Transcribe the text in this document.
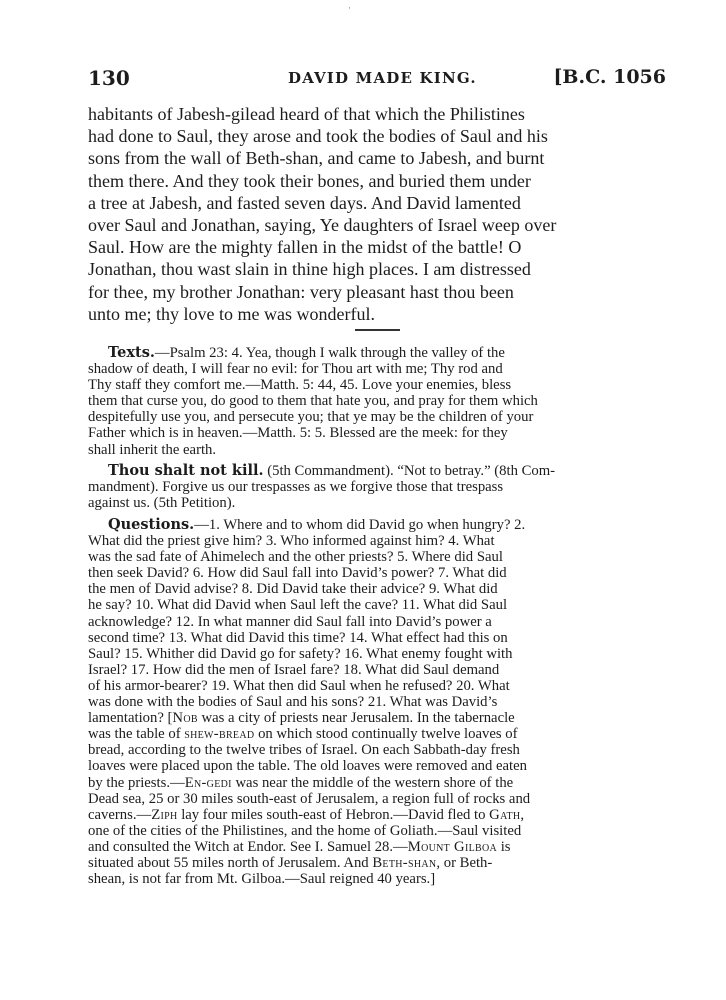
·
130	DAVID MADE KING.	[B.C. 1056
habitants of Jabesh-gilead heard of that which the Philistines
had done to Saul, they arose and took the bodies of Saul and his
sons from the wall of Beth-shan, and came to Jabesh, and burnt
them there. And they took their bones, and buried them under
a tree at Jabesh, and fasted seven days. And David lamented
over Saul and Jonathan, saying, Ye daughters of Israel weep over
Saul. How are the mighty fallen in the midst of the battle! O
Jonathan, thou wast slain in thine high places. I am distressed
for thee, my brother Jonathan: very pleasant hast thou been
unto me; thy love to me was wonderful.
Texts.—Psalm 23: 4. Yea, though I walk through the valley of the
shadow of death, I will fear no evil: for Thou art with me; Thy rod and
Thy staff they comfort me.—Matth. 5: 44, 45. Love your enemies, bless
them that curse you, do good to them that hate you, and pray for them which
despitefully use you, and persecute you; that ye may be the children of your
Father which is in heaven.—Matth. 5: 5. Blessed are the meek: for they
shall inherit the earth.
Thou shalt not kill. (5th Commandment). “Not to betray.” (8th Com-
mandment). Forgive us our trespasses as we forgive those that trespass
against us. (5th Petition).
Questions.—1. Where and to whom did David go when hungry? 2.
What did the priest give him? 3. Who informed against him? 4. What
was the sad fate of Ahimelech and the other priests? 5. Where did Saul
then seek David? 6. How did Saul fall into David’s power? 7. What did
the men of David advise? 8. Did David take their advice? 9. What did
he say? 10. What did David when Saul left the cave? 11. What did Saul
acknowledge? 12. In what manner did Saul fall into David’s power a
second time? 13. What did David this time? 14. What effect had this on
Saul? 15. Whither did David go for safety? 16. What enemy fought with
Israel? 17. How did the men of Israel fare? 18. What did Saul demand
of his armor-bearer? 19. What then did Saul when he refused? 20. What
was done with the bodies of Saul and his sons? 21. What was David’s
lamentation? [Nob was a city of priests near Jerusalem. In the tabernacle
was the table of shew-bread on which stood continually twelve loaves of
bread, according to the twelve tribes of Israel. On each Sabbath-day fresh
loaves were placed upon the table. The old loaves were removed and eaten
by the priests.—En-gedi was near the middle of the western shore of the
Dead sea, 25 or 30 miles south-east of Jerusalem, a region full of rocks and
caverns.—Ziph lay four miles south-east of Hebron.—David fled to Gath,
one of the cities of the Philistines, and the home of Goliath.—Saul visited
and consulted the Witch at Endor. See I. Samuel 28.—Mount Gilboa is
situated about 55 miles north of Jerusalem. And Beth-shan, or Beth-
shean, is not far from Mt. Gilboa.—Saul reigned 40 years.]
